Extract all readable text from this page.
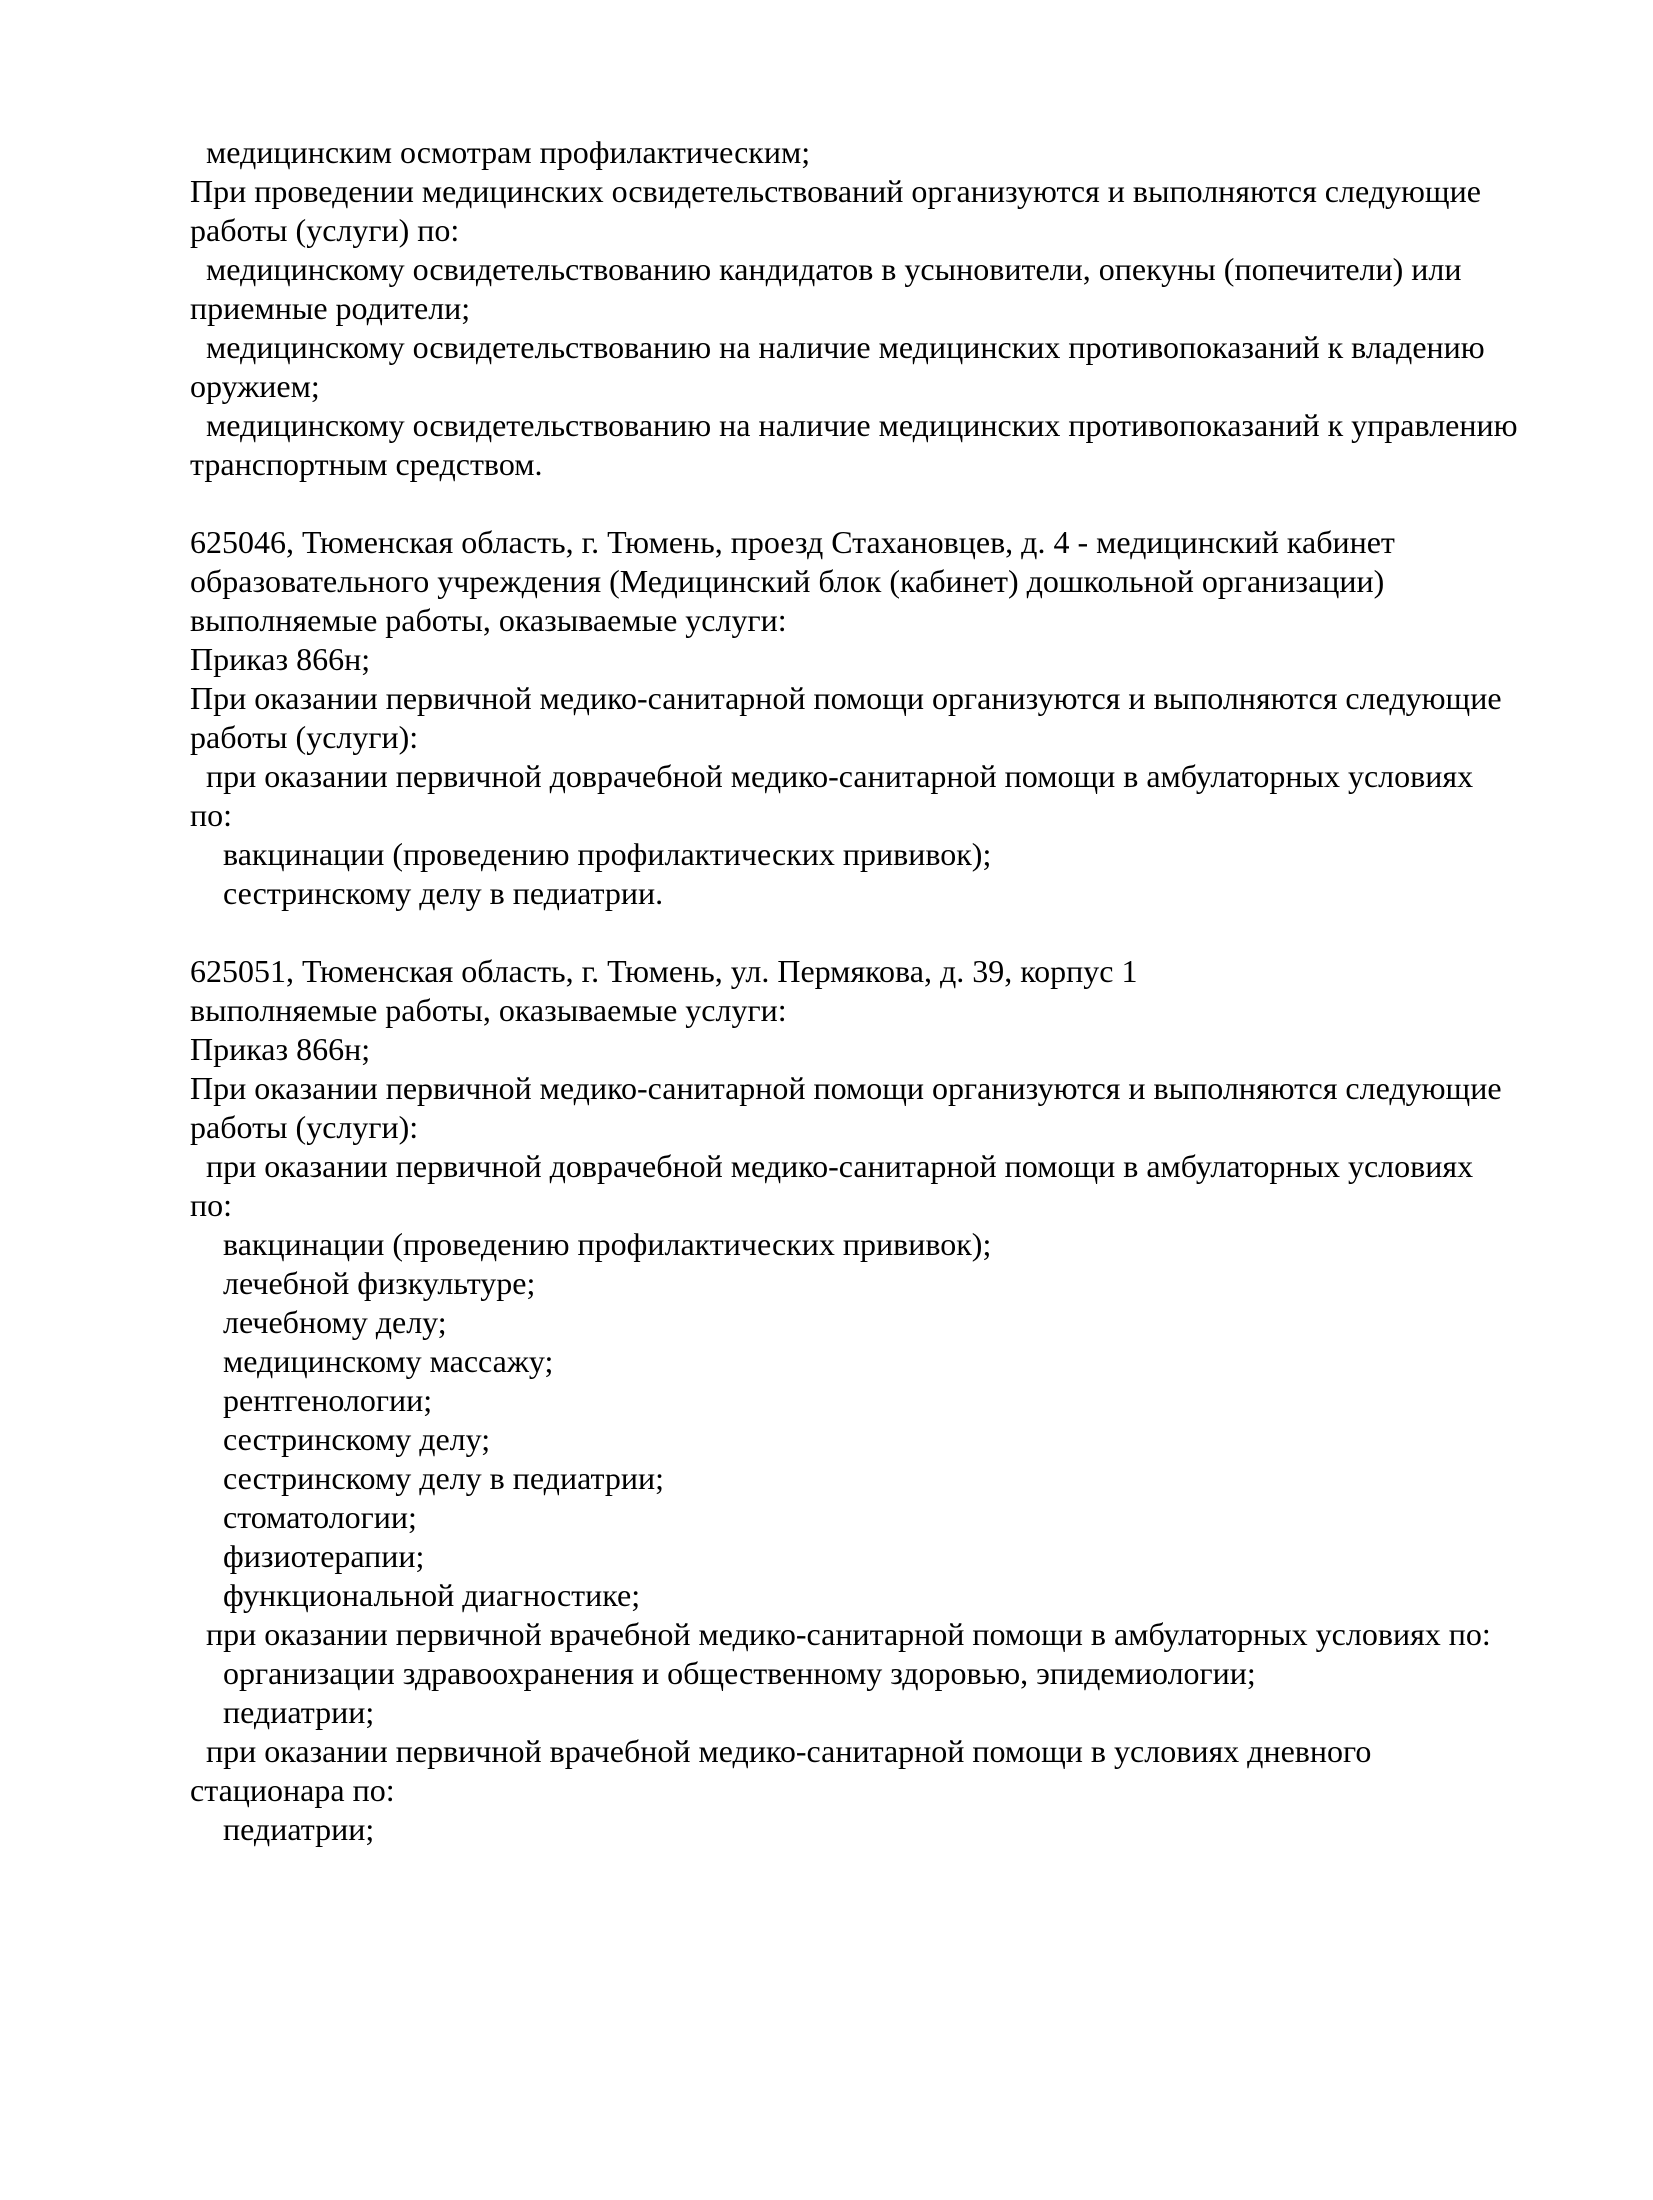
медицинским осмотрам профилактическим;
При проведении медицинских освидетельствований организуются и выполняются следующие
работы (услуги) по:
медицинскому освидетельствованию кандидатов в усыновители, опекуны (попечители) или
приемные родители;
медицинскому освидетельствованию на наличие медицинских противопоказаний к владению
оружием;
медицинскому освидетельствованию на наличие медицинских противопоказаний к управлению
транспортным средством.
625046, Тюменская область, г. Тюмень, проезд Стахановцев, д. 4 - медицинский кабинет
образовательного учреждения (Медицинский блок (кабинет) дошкольной организации)
выполняемые работы, оказываемые услуги:
Приказ 866н;
При оказании первичной медико-санитарной помощи организуются и выполняются следующие
работы (услуги):
при оказании первичной доврачебной медико-санитарной помощи в амбулаторных условиях
по:
вакцинации (проведению профилактических прививок);
сестринскому делу в педиатрии.
625051, Тюменская область, г. Тюмень, ул. Пермякова, д. 39, корпус 1
выполняемые работы, оказываемые услуги:
Приказ 866н;
При оказании первичной медико-санитарной помощи организуются и выполняются следующие
работы (услуги):
при оказании первичной доврачебной медико-санитарной помощи в амбулаторных условиях
по:
вакцинации (проведению профилактических прививок);
лечебной физкультуре;
лечебному делу;
медицинскому массажу;
рентгенологии;
сестринскому делу;
сестринскому делу в педиатрии;
стоматологии;
физиотерапии;
функциональной диагностике;
при оказании первичной врачебной медико-санитарной помощи в амбулаторных условиях по:
организации здравоохранения и общественному здоровью, эпидемиологии;
педиатрии;
при оказании первичной врачебной медико-санитарной помощи в условиях дневного
стационара по:
педиатрии;
